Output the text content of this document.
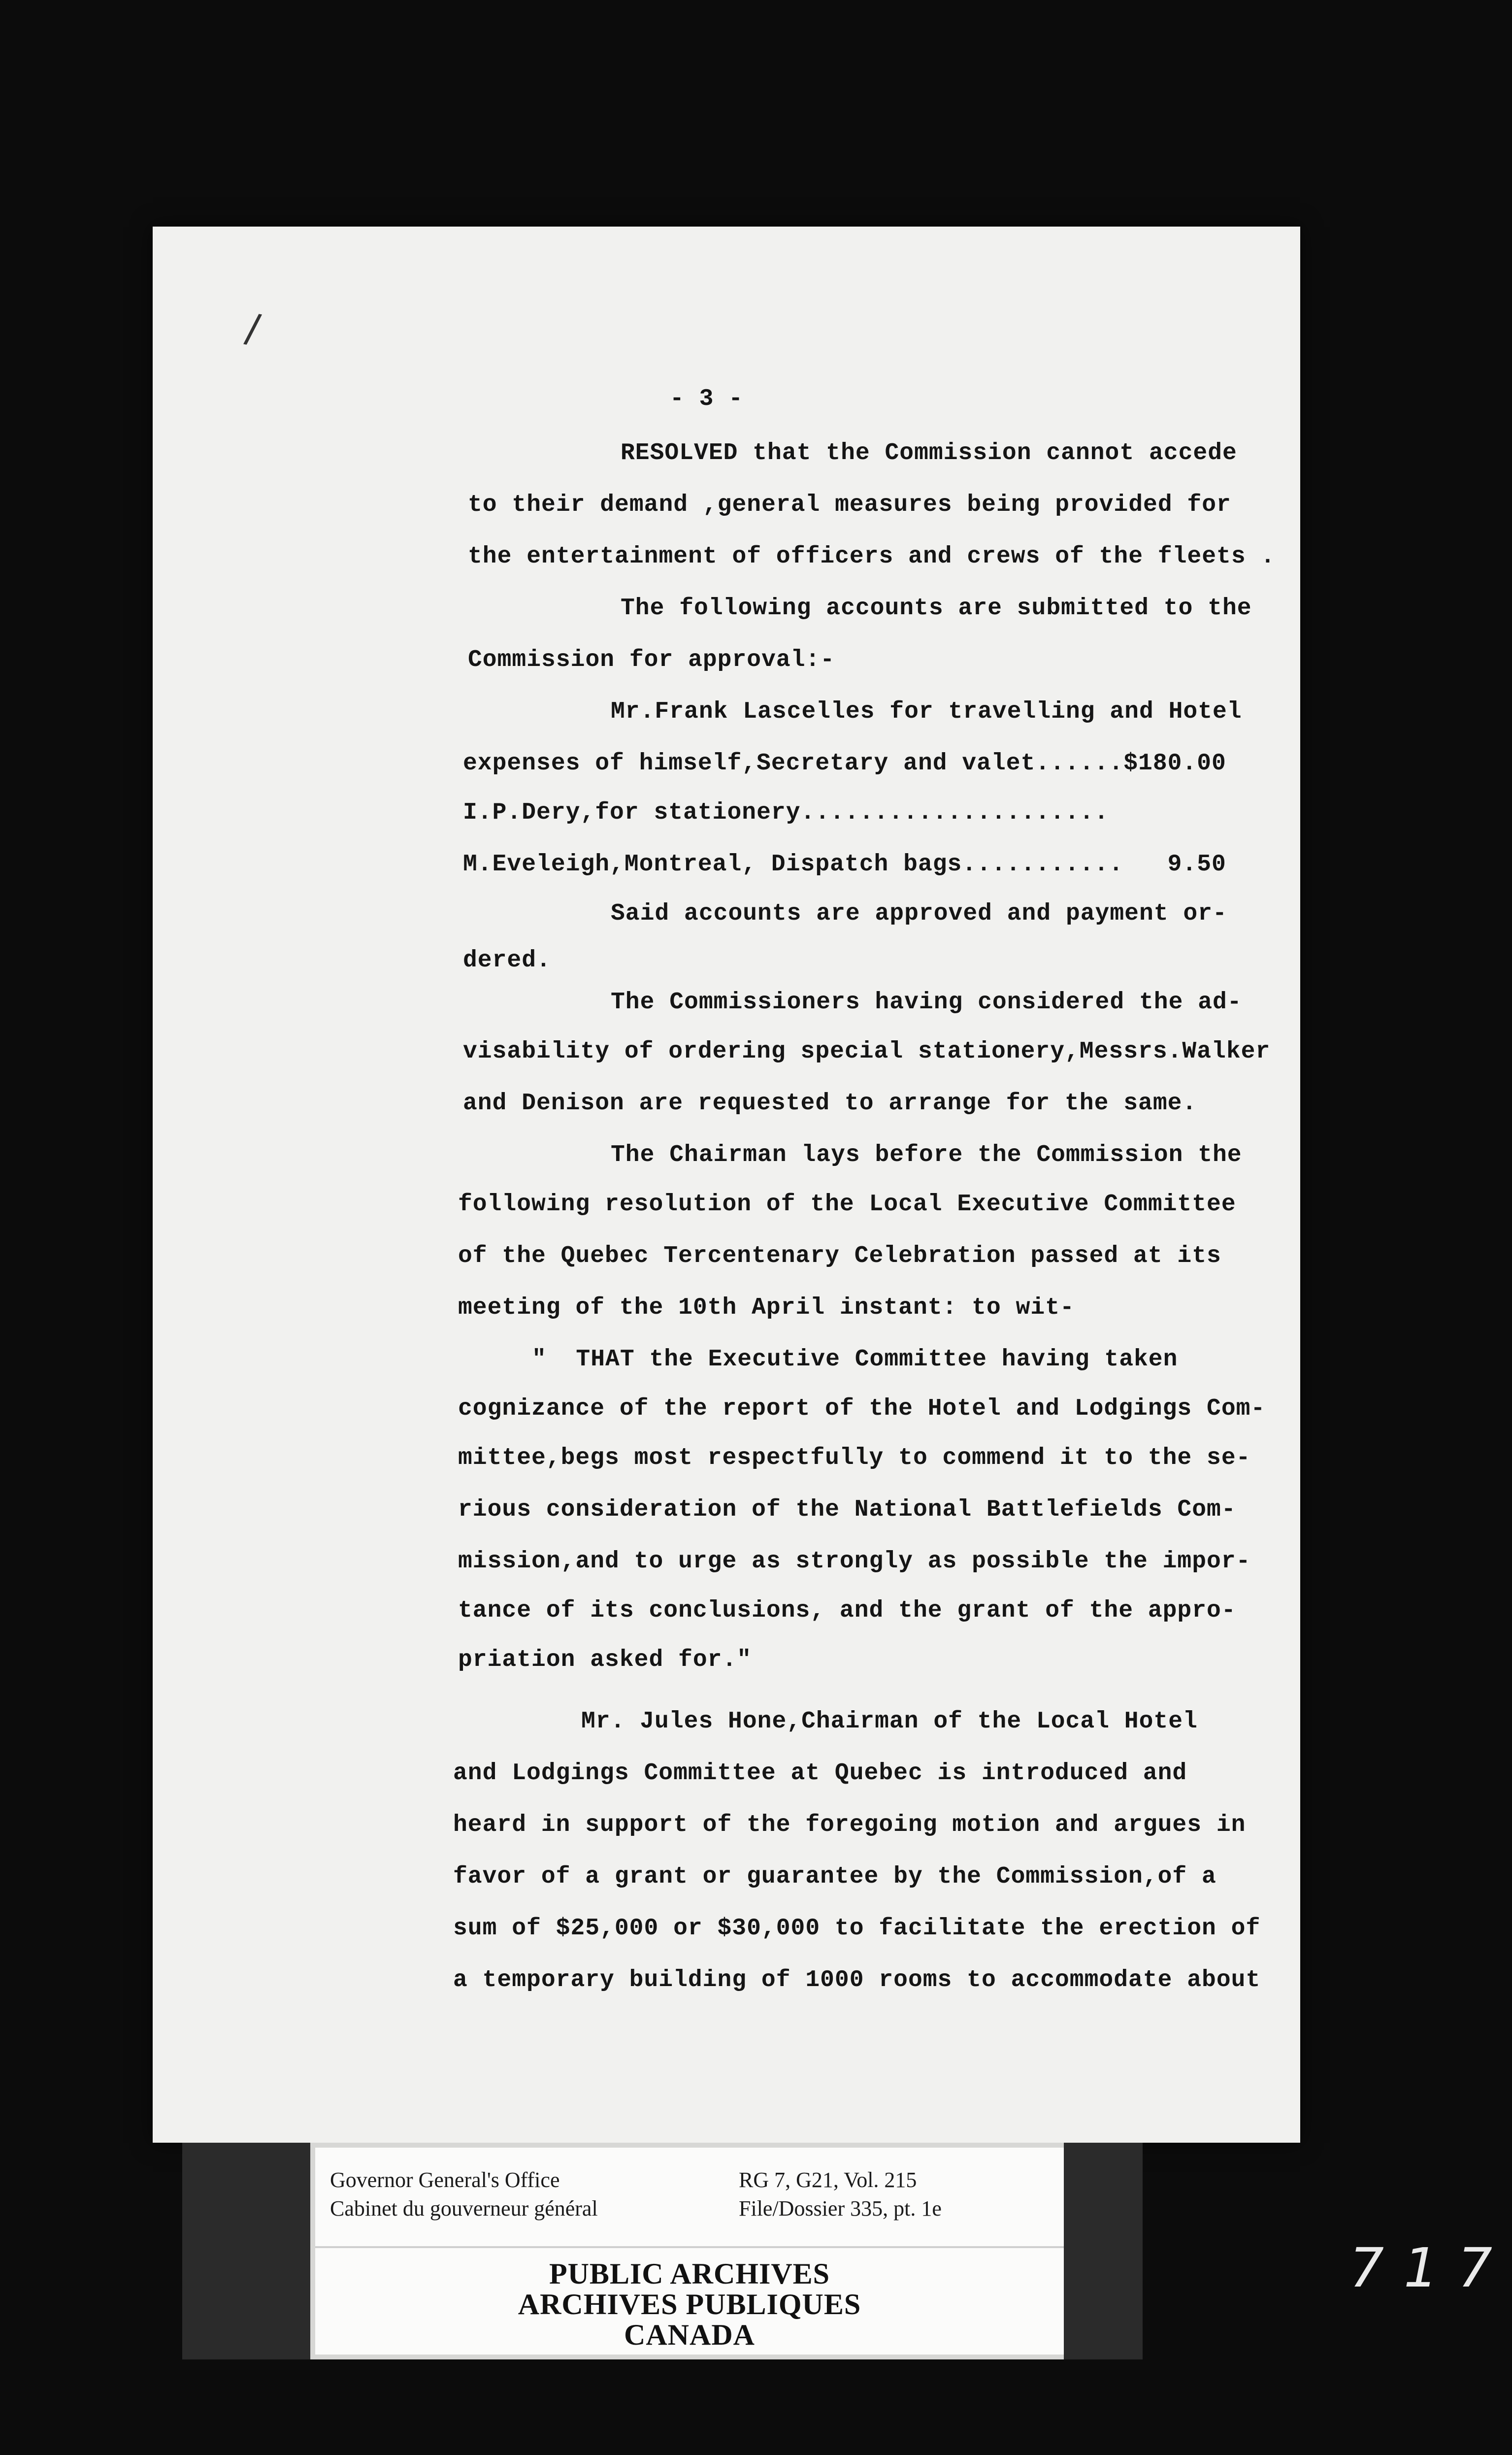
- 3 -

RESOLVED that the Commission cannot accede

to their demand ,general measures being provided for

the entertainment of officers and crews of the fleets .

The following accounts are submitted to the

Commission for approval:-

Mr.Frank Lascelles for travelling and Hotel

expenses of himself,Secretary and valet......$180.00

I.P.Dery,for stationery.....................

M.Eveleigh,Montreal, Dispatch bags...........   9.50

Said accounts are approved and payment or-

dered.

The Commissioners having considered the ad-

visability of ordering special stationery,Messrs.Walker

and Denison are requested to arrange for the same.

The Chairman lays before the Commission the

following resolution of the Local Executive Committee

of the Quebec Tercentenary Celebration passed at its

meeting of the 10th April instant: to wit-

"  THAT the Executive Committee having taken

cognizance of the report of the Hotel and Lodgings Com-

mittee,begs most respectfully to commend it to the se-

rious consideration of the National Battlefields Com-

mission,and to urge as strongly as possible the impor-

tance of its conclusions, and the grant of the appro-

priation asked for."

Mr. Jules Hone,Chairman of the Local Hotel

and Lodgings Committee at Quebec is introduced and

heard in support of the foregoing motion and argues in

favor of a grant or guarantee by the Commission,of a

sum of $25,000 or $30,000 to facilitate the erection of

a temporary building of 1000 rooms to accommodate about

/
Governor General's Office
Cabinet du gouverneur général
RG 7, G21, Vol. 215
File/Dossier 335, pt. 1e
PUBLIC ARCHIVES
ARCHIVES PUBLIQUES
CANADA
717
